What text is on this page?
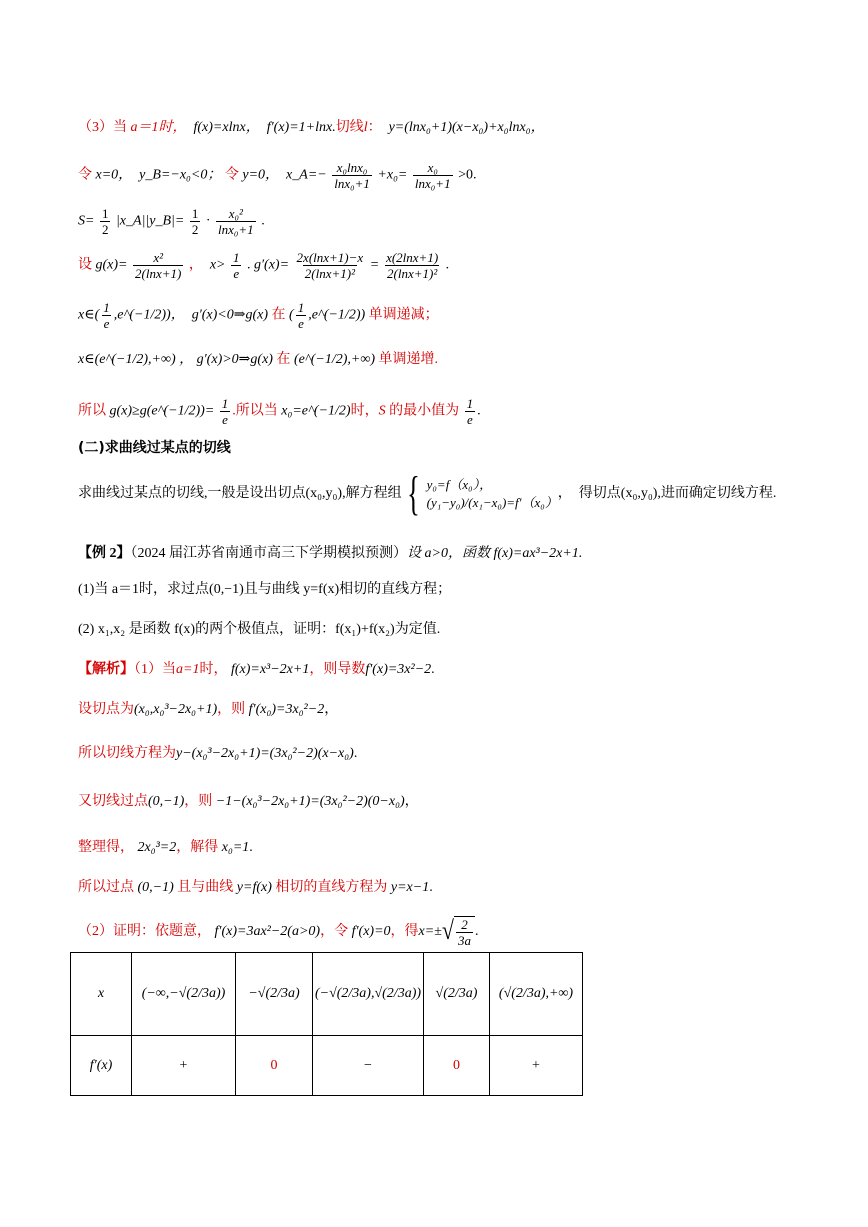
（3）当 a＝1时， f(x)=xlnx， f′(x)=1+lnx.切线l： y=(lnx₀+1)(x−x₀)+x₀lnx₀，
令 x=0， y_B=−x₀<0； 令 y=0， x_A=− $\frac{\text{x₀lnx₀}}{\text{lnx₀+1}} +x_0= \frac{\text{x₀}}{\text{lnx₀+1}} >0$.
$S= \frac{1}{2}$ |x_A||y_B|= $\frac{1}{2} \cdot \frac{\text{x₀²}}{\text{lnx₀+1}}$ .
设 $g(x)= \frac{\text{x²}}{2(\ln x+1)}$ ， $x> \frac{1}{e}$ . $g'(x)= \frac{2x(\ln x+1)-x}{\text{2(lnx+1)²}} = \frac{x(2\ln x+1)}{\text{2(lnx+1)²}}$ .
x∈( $\frac{1}{e}$ ,e^(−1/2))， g′(x)<0⇒g(x) 在 ( $\frac{1}{e}$ ,e^(−1/2)) 单调递减；
x∈(e^(−1/2),+∞) ， g′(x)>0⇒g(x) 在 (e^(−1/2),+∞) 单调递增.
所以 g(x)≥g(e^(−1/2))= $\frac{1}{e}$ .所以当 x₀=e^(−1/2)时，S 的最小值为 $\frac{1}{e}$ .
(二)求曲线过某点的切线
求曲线过某点的切线,一般是设出切点(x₀,y₀),解方程组 { y₀=f（x₀），
(y₁−y₀)/(x₁−x₀)=f′（x₀）
，
得切点(x₀,y₀),进而确定切线方程.
【例 2】（2024 届江苏省南通市高三下学期模拟预测）设 a>0，函数 f(x)=ax³−2x+1.
(1)当 a＝1时，求过点(0,−1)且与曲线 y=f(x)相切的直线方程；
(2) x₁,x₂ 是函数 f(x)的两个极值点，证明：f(x₁)+f(x₂)为定值.
【解析】（1）当a=1时， f(x)=x³−2x+1，则导数f′(x)=3x²−2.
设切点为(x₀,x₀³−2x₀+1)，则 f′(x₀)=3x₀²−2，
所以切线方程为y−(x₀³−2x₀+1)=(3x₀²−2)(x−x₀).
又切线过点(0,−1)，则 −1−(x₀³−2x₀+1)=(3x₀²−2)(0−x₀)，
整理得， 2x₀³=2，解得 x₀=1.
所以过点 (0,−1) 且与曲线 y=f(x) 相切的直线方程为 y=x−1.
（2）证明：依题意，
f′(x)=3ax²−2(a>0) ，令
f′(x)=0 ，得 x=± √ $\frac{2}{3a}$ .
x	(−∞,−√(2/3a))	−√(2/3a)	(−√(2/3a),√(2/3a))	√(2/3a)	(√(2/3a),+∞)
f′(x)	+	0	−	0	+
